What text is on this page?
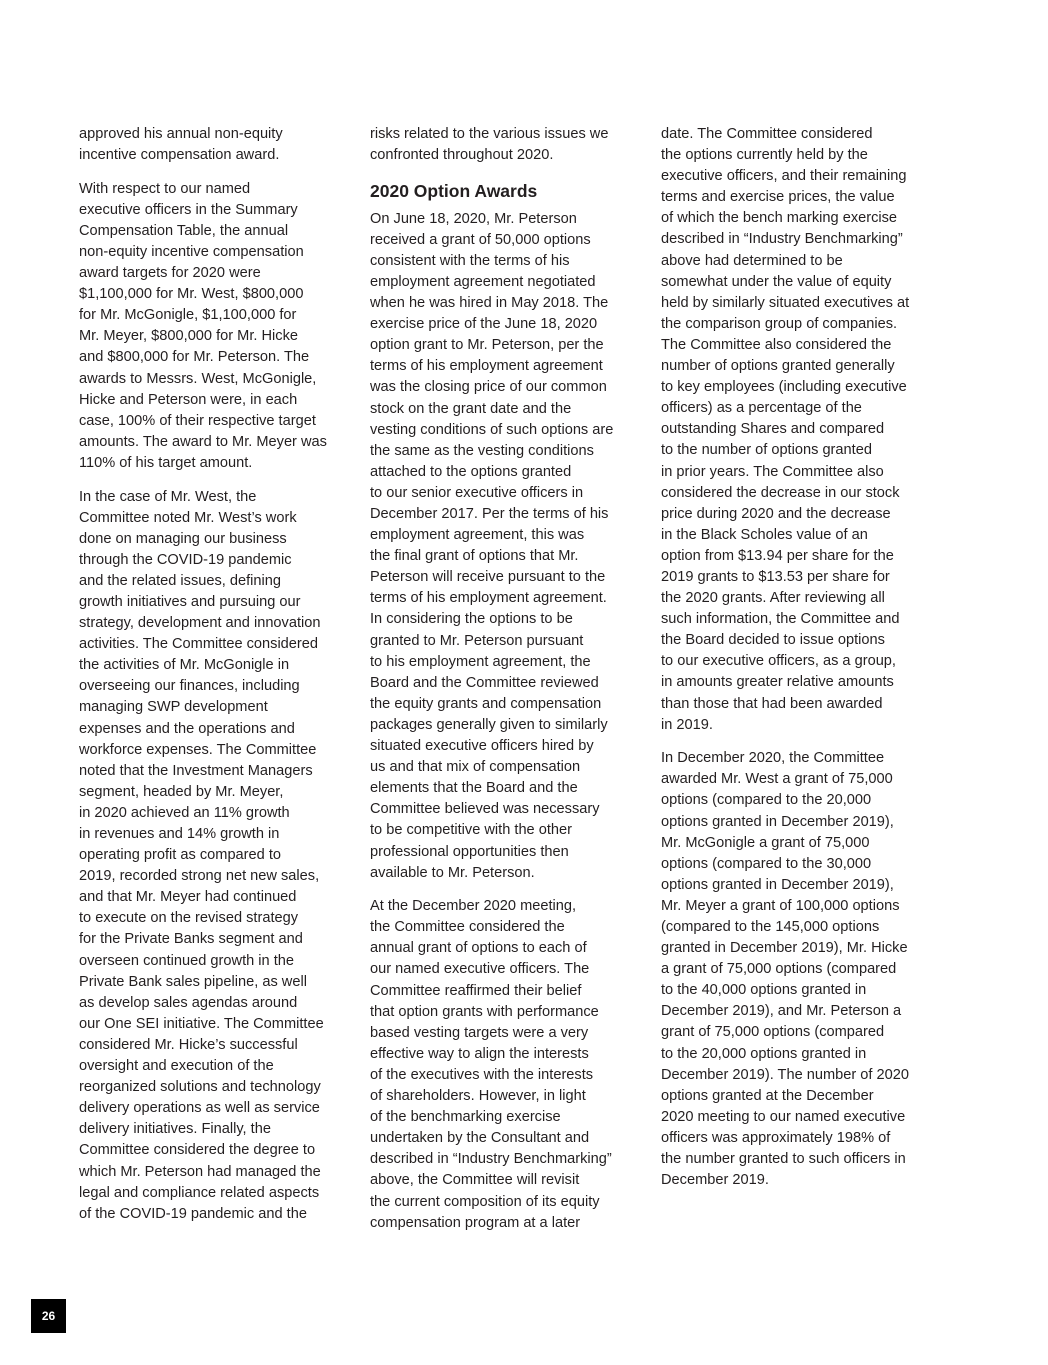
approved his annual non-equity
incentive compensation award.
With respect to our named
executive officers in the Summary
Compensation Table, the annual
non-equity incentive compensation
award targets for 2020 were
$1,100,000 for Mr. West, $800,000
for Mr. McGonigle, $1,100,000 for
Mr. Meyer, $800,000 for Mr. Hicke
and $800,000 for Mr. Peterson. The
awards to Messrs. West, McGonigle,
Hicke and Peterson were, in each
case, 100% of their respective target
amounts. The award to Mr. Meyer was
110% of his target amount.
In the case of Mr. West, the
Committee noted Mr. West’s work
done on managing our business
through the COVID-19 pandemic
and the related issues, defining
growth initiatives and pursuing our
strategy, development and innovation
activities. The Committee considered
the activities of Mr. McGonigle in
overseeing our finances, including
managing SWP development
expenses and the operations and
workforce expenses. The Committee
noted that the Investment Managers
segment, headed by Mr. Meyer,
in 2020 achieved an 11% growth
in revenues and 14% growth in
operating profit as compared to
2019, recorded strong net new sales,
and that Mr. Meyer had continued
to execute on the revised strategy
for the Private Banks segment and
overseen continued growth in the
Private Bank sales pipeline, as well
as develop sales agendas around
our One SEI initiative. The Committee
considered Mr. Hicke’s successful
oversight and execution of the
reorganized solutions and technology
delivery operations as well as service
delivery initiatives. Finally, the
Committee considered the degree to
which Mr. Peterson had managed the
legal and compliance related aspects
of the COVID-19 pandemic and the
risks related to the various issues we
confronted throughout 2020.
2020 Option Awards
On June 18, 2020, Mr. Peterson
received a grant of 50,000 options
consistent with the terms of his
employment agreement negotiated
when he was hired in May 2018. The
exercise price of the June 18, 2020
option grant to Mr. Peterson, per the
terms of his employment agreement
was the closing price of our common
stock on the grant date and the
vesting conditions of such options are
the same as the vesting conditions
attached to the options granted
to our senior executive officers in
December 2017. Per the terms of his
employment agreement, this was
the final grant of options that Mr.
Peterson will receive pursuant to the
terms of his employment agreement.
In considering the options to be
granted to Mr. Peterson pursuant
to his employment agreement, the
Board and the Committee reviewed
the equity grants and compensation
packages generally given to similarly
situated executive officers hired by
us and that mix of compensation
elements that the Board and the
Committee believed was necessary
to be competitive with the other
professional opportunities then
available to Mr. Peterson.
At the December 2020 meeting,
the Committee considered the
annual grant of options to each of
our named executive officers. The
Committee reaffirmed their belief
that option grants with performance
based vesting targets were a very
effective way to align the interests
of the executives with the interests
of shareholders. However, in light
of the benchmarking exercise
undertaken by the Consultant and
described in “Industry Benchmarking”
above, the Committee will revisit
the current composition of its equity
compensation program at a later
date. The Committee considered
the options currently held by the
executive officers, and their remaining
terms and exercise prices, the value
of which the bench marking exercise
described in “Industry Benchmarking”
above had determined to be
somewhat under the value of equity
held by similarly situated executives at
the comparison group of companies.
The Committee also considered the
number of options granted generally
to key employees (including executive
officers) as a percentage of the
outstanding Shares and compared
to the number of options granted
in prior years. The Committee also
considered the decrease in our stock
price during 2020 and the decrease
in the Black Scholes value of an
option from $13.94 per share for the
2019 grants to $13.53 per share for
the 2020 grants. After reviewing all
such information, the Committee and
the Board decided to issue options
to our executive officers, as a group,
in amounts greater relative amounts
than those that had been awarded
in 2019.
In December 2020, the Committee
awarded Mr. West a grant of 75,000
options (compared to the 20,000
options granted in December 2019),
Mr. McGonigle a grant of 75,000
options (compared to the 30,000
options granted in December 2019),
Mr. Meyer a grant of 100,000 options
(compared to the 145,000 options
granted in December 2019), Mr. Hicke
a grant of 75,000 options (compared
to the 40,000 options granted in
December 2019), and Mr. Peterson a
grant of 75,000 options (compared
to the 20,000 options granted in
December 2019). The number of 2020
options granted at the December
2020 meeting to our named executive
officers was approximately 198% of
the number granted to such officers in
December 2019.
26
